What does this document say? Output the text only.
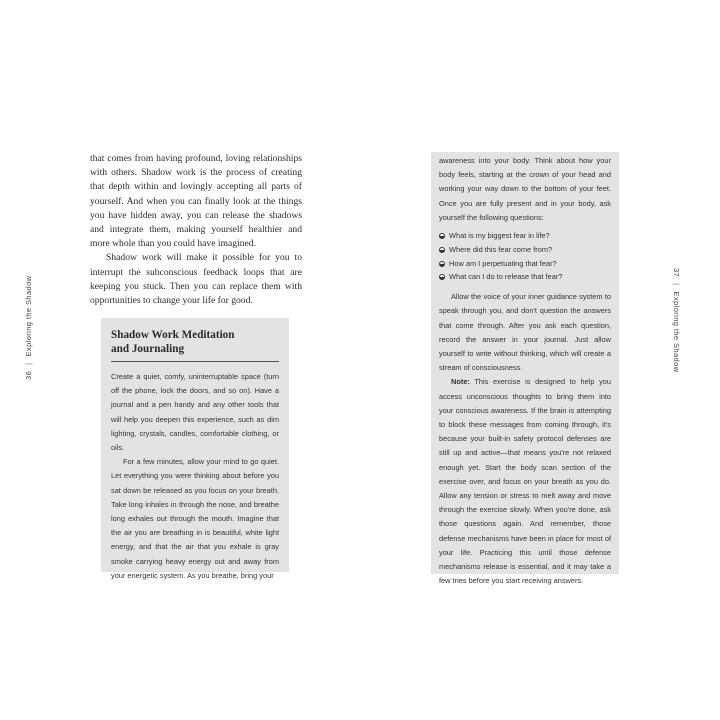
36|Exploring the Shadow

that comes from having profound, loving relationships with others. Shadow work is the process of creating that depth within and lovingly accepting all parts of yourself. And when you can finally look at the things you have hidden away, you can release the shadows and integrate them, making yourself healthier and more whole than you could have imagined.

Shadow work will make it possible for you to interrupt the subconscious feedback loops that are keeping you stuck. Then you can replace them with opportunities to change your life for good.

Shadow Work Meditation
and Journaling

Create a quiet, comfy, uninterruptable space (turn off the phone, lock the doors, and so on). Have a journal and a pen handy and any other tools that will help you deepen this experience, such as dim lighting, crystals, candles, comfortable clothing, or oils.

For a few minutes, allow your mind to go quiet. Let everything you were thinking about before you sat down be released as you focus on your breath. Take long inhales in through the nose, and breathe long exhales out through the mouth. Imagine that the air you are breathing in is beautiful, white light energy, and that the air that you exhale is gray smoke carrying heavy energy out and away from your energetic system. As you breathe, bring your

awareness into your body. Think about how your body feels, starting at the crown of your head and working your way down to the bottom of your feet. Once you are fully present and in your body, ask yourself the following questions:

What is my biggest fear in life?
Where did this fear come from?
How am I perpetuating that fear?
What can I do to release that fear?

Allow the voice of your inner guidance system to speak through you, and don't question the answers that come through. After you ask each question, record the answer in your journal. Just allow yourself to write without thinking, which will create a stream of consciousness.

Note: This exercise is designed to help you access unconscious thoughts to bring them into your conscious awareness. If the brain is attempting to block these messages from coming through, it's because your built-in safety protocol defenses are still up and active—that means you're not relaxed enough yet. Start the body scan section of the exercise over, and focus on your breath as you do. Allow any tension or stress to melt away and move through the exercise slowly. When you're done, ask those questions again. And remember, those defense mechanisms have been in place for most of your life. Practicing this until those defense mechanisms release is essential, and it may take a few tries before you start receiving answers.

37|Exploring the Shadow
